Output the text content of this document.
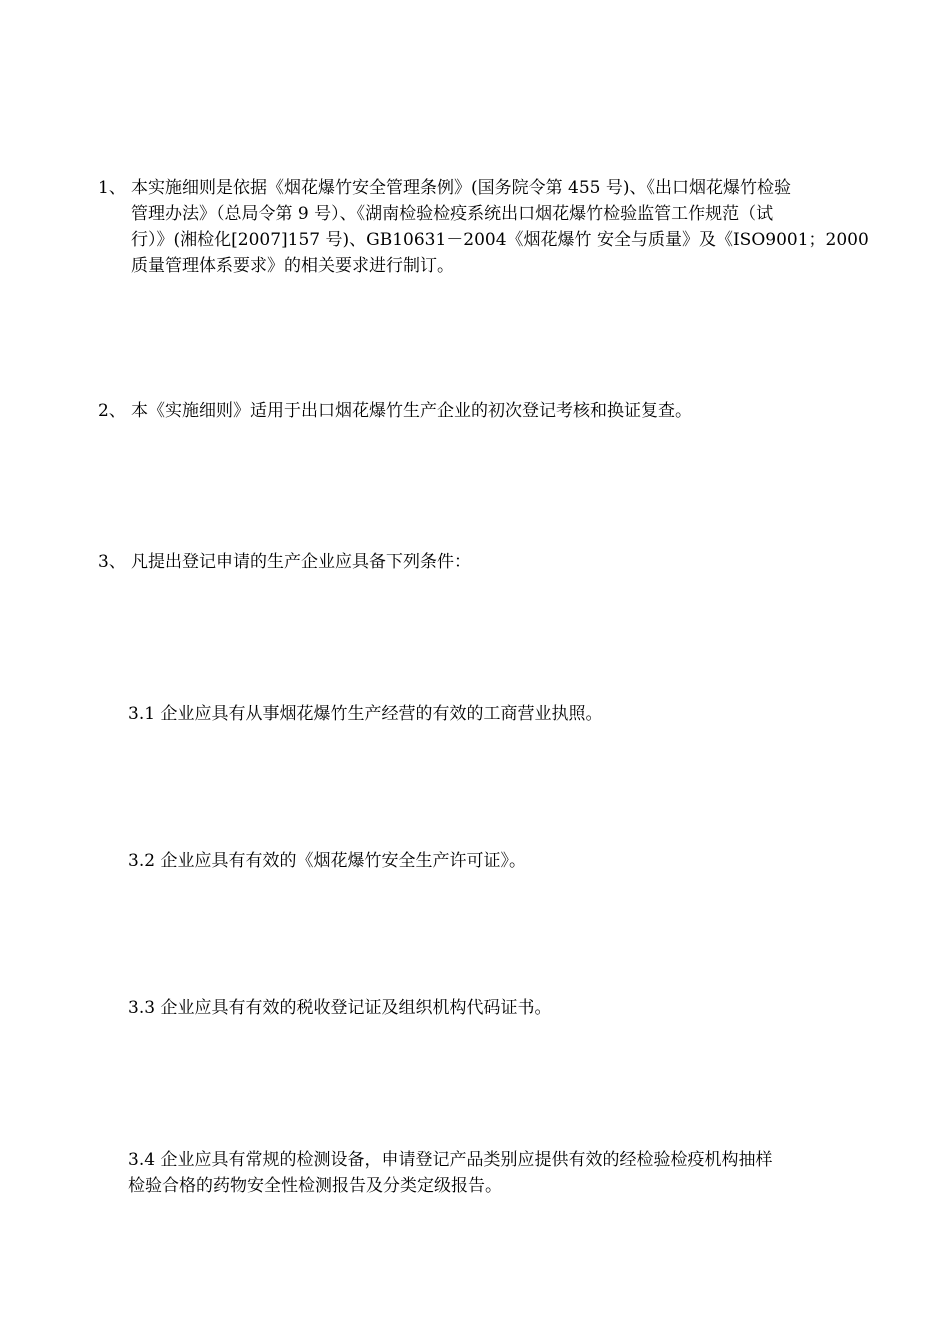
1、 本实施细则是依据《烟花爆竹安全管理条例》(国务院令第 455 号)、《出口烟花爆竹检验
管理办法》（总局令第 9 号）、《湖南检验检疫系统出口烟花爆竹检验监管工作规范（试
行）》(湘检化[2007]157 号)、GB10631－2004《烟花爆竹 安全与质量》及《ISO9001；2000
质量管理体系要求》的相关要求进行制订。
2、 本《实施细则》适用于出口烟花爆竹生产企业的初次登记考核和换证复查。
3、 凡提出登记申请的生产企业应具备下列条件：
3.1 企业应具有从事烟花爆竹生产经营的有效的工商营业执照。
3.2 企业应具有有效的《烟花爆竹安全生产许可证》。
3.3 企业应具有有效的税收登记证及组织机构代码证书。
3.4 企业应具有常规的检测设备，申请登记产品类别应提供有效的经检验检疫机构抽样
检验合格的药物安全性检测报告及分类定级报告。
